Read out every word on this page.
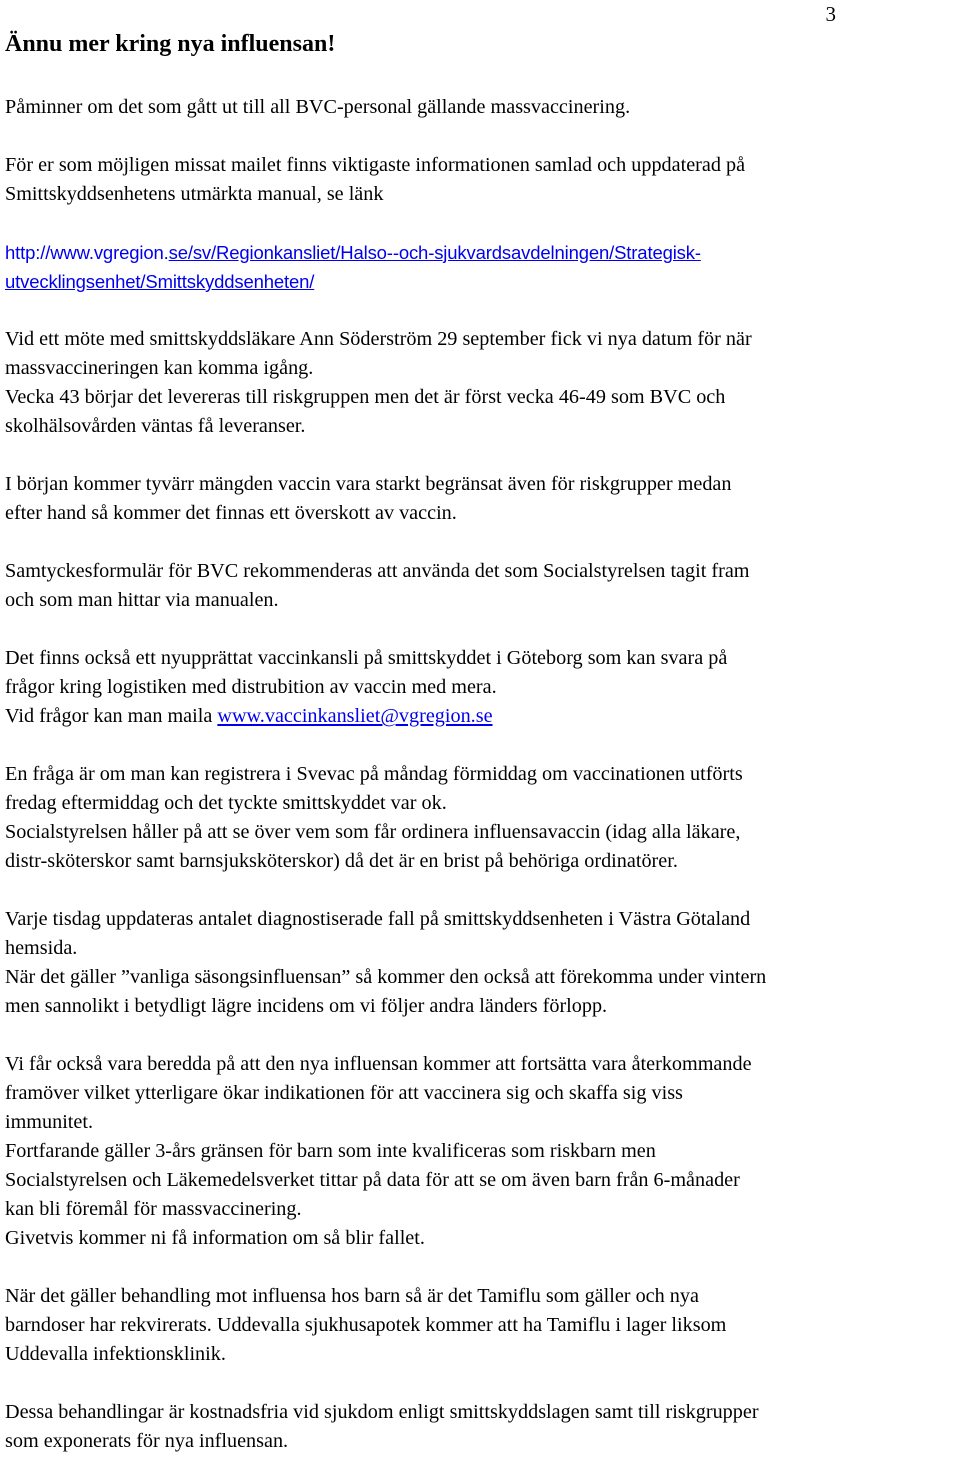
3
Ännu mer kring nya influensan!

Påminner om det som gått ut till all BVC-personal gällande massvaccinering.

För er som möjligen missat mailet finns viktigaste informationen samlad och uppdaterad på
Smittskyddsenhetens utmärkta manual, se länk

http://www.vgregion.se/sv/Regionkansliet/Halso--och-sjukvardsavdelningen/Strategisk-
utvecklingsenhet/Smittskyddsenheten/

Vid ett möte med smittskyddsläkare Ann Söderström 29 september fick vi nya datum för när
massvaccineringen kan komma igång.
Vecka 43 börjar det levereras till riskgruppen men det är först vecka 46-49 som BVC och
skolhälsovården väntas få leveranser.

I början kommer tyvärr mängden vaccin vara starkt begränsat även för riskgrupper medan
efter hand så kommer det finnas ett överskott av vaccin.

Samtyckesformulär för BVC rekommenderas att använda det som Socialstyrelsen tagit fram
och som man hittar via manualen.

Det finns också ett nyupprättat vaccinkansli på smittskyddet i Göteborg som kan svara på
frågor kring logistiken med distrubition av vaccin med mera.
Vid frågor kan man maila www.vaccinkansliet@vgregion.se

En fråga är om man kan registrera i Svevac på måndag förmiddag om vaccinationen utförts
fredag eftermiddag och det tyckte smittskyddet var ok.
Socialstyrelsen håller på att se över vem som får ordinera influensavaccin (idag alla läkare,
distr-sköterskor samt barnsjuksköterskor) då det är en brist på behöriga ordinatörer.

Varje tisdag uppdateras antalet diagnostiserade fall på smittskyddsenheten i Västra Götaland
hemsida.
När det gäller ”vanliga säsongsinfluensan” så kommer den också att förekomma under vintern
men sannolikt i betydligt lägre incidens om vi följer andra länders förlopp.

Vi får också vara beredda på att den nya influensan kommer att fortsätta vara återkommande
framöver vilket ytterligare ökar indikationen för att vaccinera sig och skaffa sig viss
immunitet.
Fortfarande gäller 3-års gränsen för barn som inte kvalificeras som riskbarn men
Socialstyrelsen och Läkemedelsverket tittar på data för att se om även barn från 6-månader
kan bli föremål för massvaccinering.
Givetvis kommer ni få information om så blir fallet.

När det gäller behandling mot influensa hos barn så är det Tamiflu som gäller och nya
barndoser har rekvirerats. Uddevalla sjukhusapotek kommer att ha Tamiflu i lager liksom
Uddevalla infektionsklinik.

Dessa behandlingar är kostnadsfria vid sjukdom enligt smittskyddslagen samt till riskgrupper
som exponerats för nya influensan.
